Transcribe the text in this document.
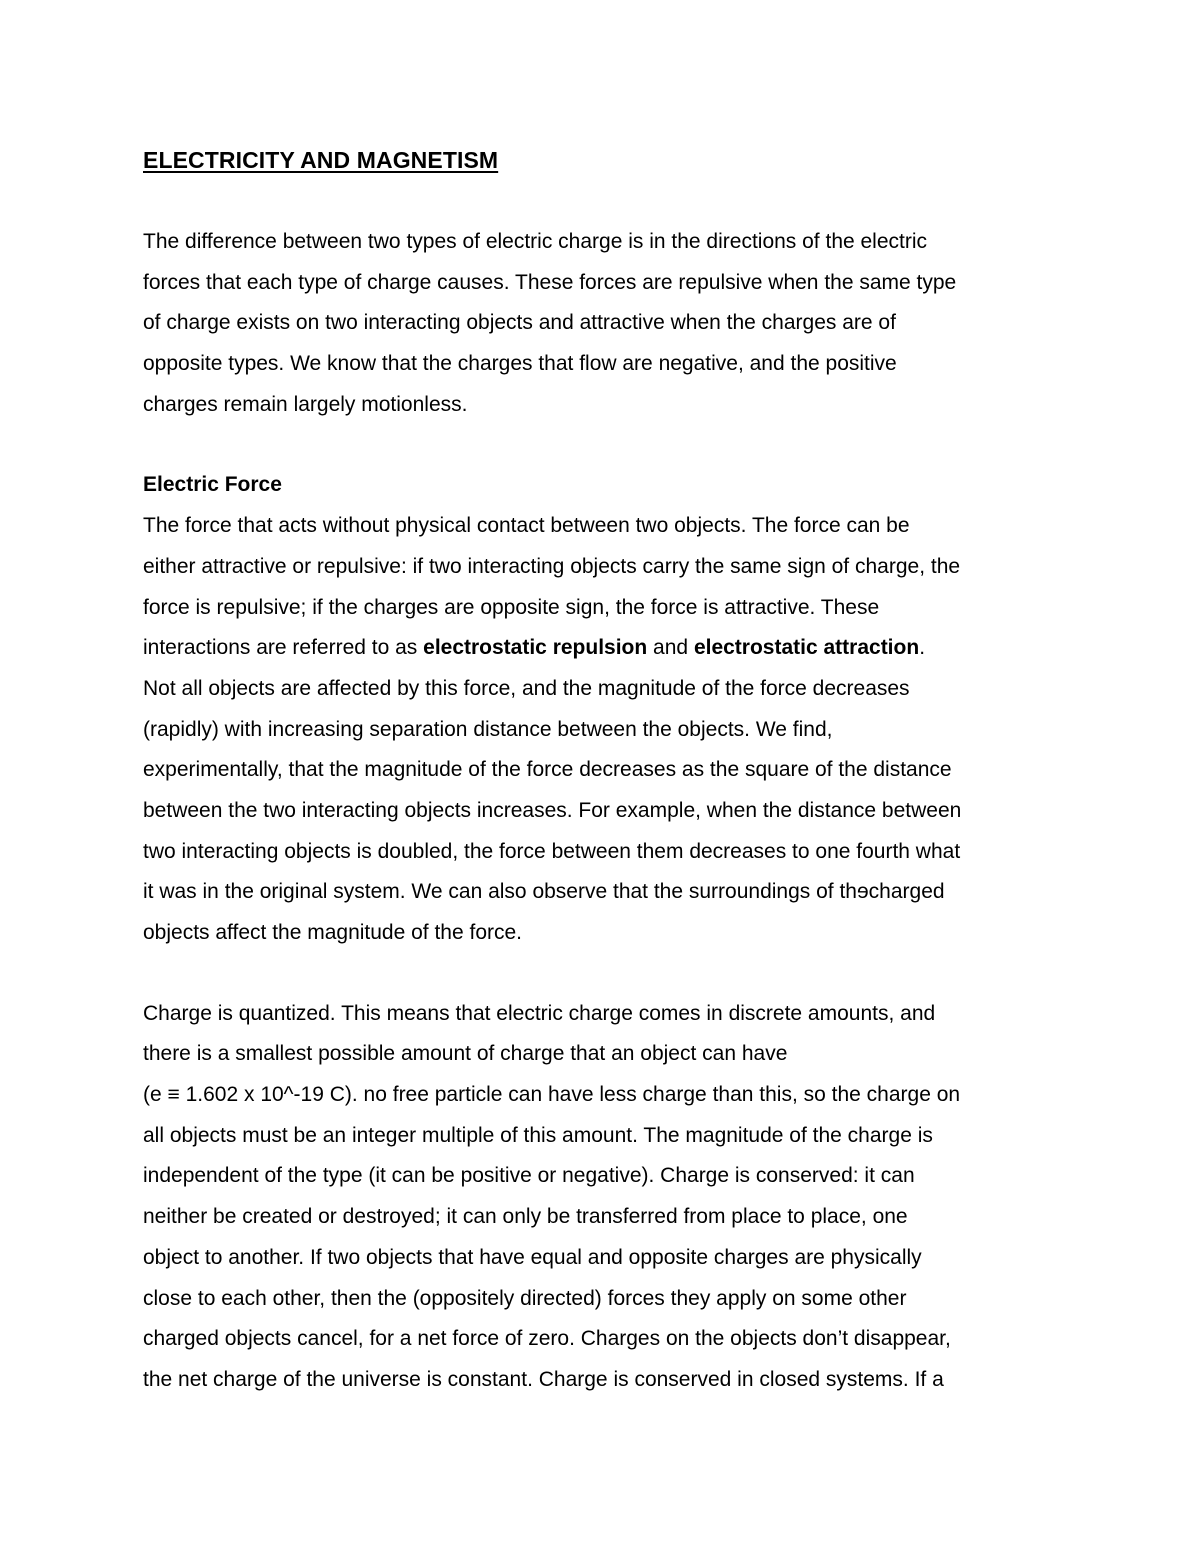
ELECTRICITY AND MAGNETISM
The difference between two types of electric charge is in the directions of the electric
forces that each type of charge causes. These forces are repulsive when the same type
of charge exists on two interacting objects and attractive when the charges are of
opposite types. We know that the charges that flow are negative, and the positive
charges remain largely motionless.
Electric Force
The force that acts without physical contact between two objects. The force can be
either attractive or repulsive: if two interacting objects carry the same sign of charge, the
force is repulsive; if the charges are opposite sign, the force is attractive. These
interactions are referred to as electrostatic repulsion and electrostatic attraction.
Not all objects are affected by this force, and the magnitude of the force decreases
(rapidly) with increasing separation distance between the objects. We find,
experimentally, that the magnitude of the force decreases as the square of the distance
between the two interacting objects increases. For example, when the distance between
two interacting objects is doubled, the force between them decreases to one fourth what
it was in the original system. We can also observe that the surroundings of thɘcharged
objects affect the magnitude of the force.
Charge is quantized. This means that electric charge comes in discrete amounts, and
there is a smallest possible amount of charge that an object can have
(e ≡ 1.602 x 10^-19 C). no free particle can have less charge than this, so the charge on
all objects must be an integer multiple of this amount. The magnitude of the charge is
independent of the type (it can be positive or negative). Charge is conserved: it can
neither be created or destroyed; it can only be transferred from place to place, one
object to another. If two objects that have equal and opposite charges are physically
close to each other, then the (oppositely directed) forces they apply on some other
charged objects cancel, for a net force of zero. Charges on the objects don’t disappear,
the net charge of the universe is constant. Charge is conserved in closed systems. If a
